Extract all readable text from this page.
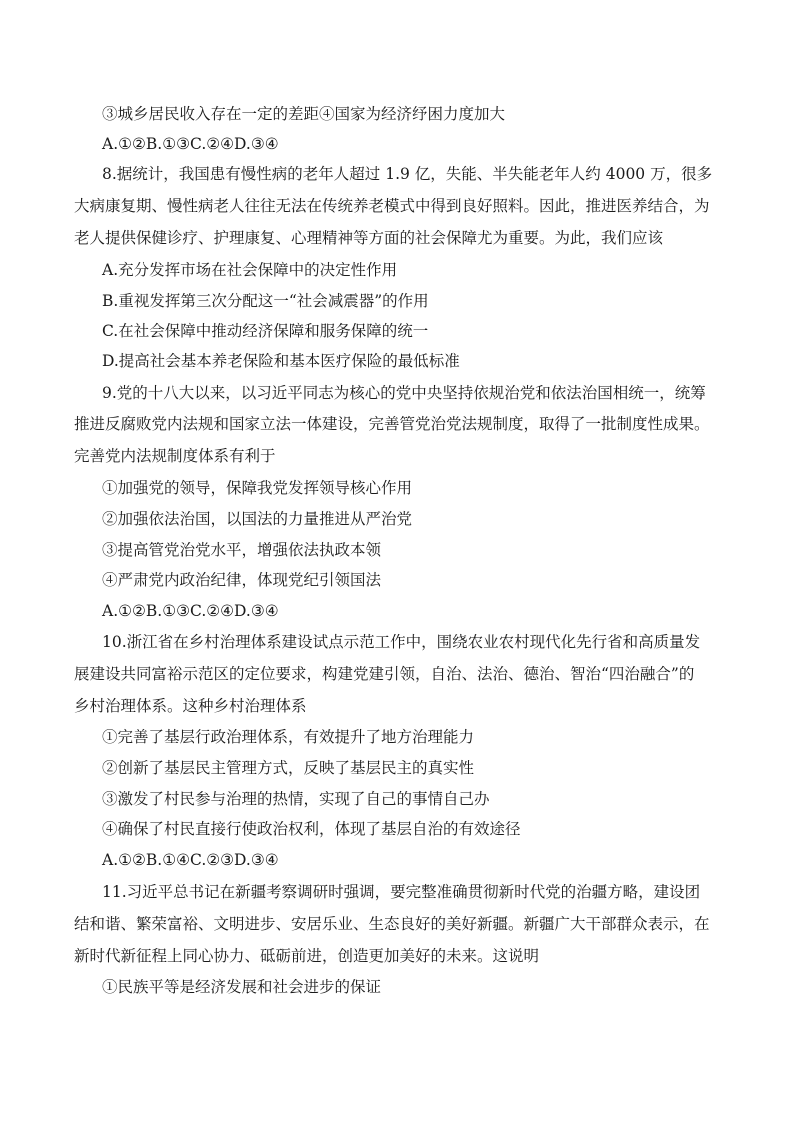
③城乡居民收入存在一定的差距④国家为经济纾困力度加大
A.①②B.①③C.②④D.③④
8.据统计，我国患有慢性病的老年人超过 1.9 亿，失能、半失能老年人约 4000 万，很多
大病康复期、慢性病老人往往无法在传统养老模式中得到良好照料。因此，推进医养结合，为
老人提供保健诊疗、护理康复、心理精神等方面的社会保障尤为重要。为此，我们应该
A.充分发挥市场在社会保障中的决定性作用
B.重视发挥第三次分配这一“社会减震器”的作用
C.在社会保障中推动经济保障和服务保障的统一
D.提高社会基本养老保险和基本医疗保险的最低标准
9.党的十八大以来，以习近平同志为核心的党中央坚持依规治党和依法治国相统一，统筹
推进反腐败党内法规和国家立法一体建设，完善管党治党法规制度，取得了一批制度性成果。
完善党内法规制度体系有利于
①加强党的领导，保障我党发挥领导核心作用
②加强依法治国，以国法的力量推进从严治党
③提高管党治党水平，增强依法执政本领
④严肃党内政治纪律，体现党纪引领国法
A.①②B.①③C.②④D.③④
10.浙江省在乡村治理体系建设试点示范工作中，围绕农业农村现代化先行省和高质量发
展建设共同富裕示范区的定位要求，构建党建引领，自治、法治、德治、智治“四治融合”的
乡村治理体系。这种乡村治理体系
①完善了基层行政治理体系，有效提升了地方治理能力
②创新了基层民主管理方式，反映了基层民主的真实性
③激发了村民参与治理的热情，实现了自己的事情自己办
④确保了村民直接行使政治权利，体现了基层自治的有效途径
A.①②B.①④C.②③D.③④
11.习近平总书记在新疆考察调研时强调，要完整准确贯彻新时代党的治疆方略，建设团
结和谐、繁荣富裕、文明进步、安居乐业、生态良好的美好新疆。新疆广大干部群众表示，在
新时代新征程上同心协力、砥砺前进，创造更加美好的未来。这说明
①民族平等是经济发展和社会进步的保证
